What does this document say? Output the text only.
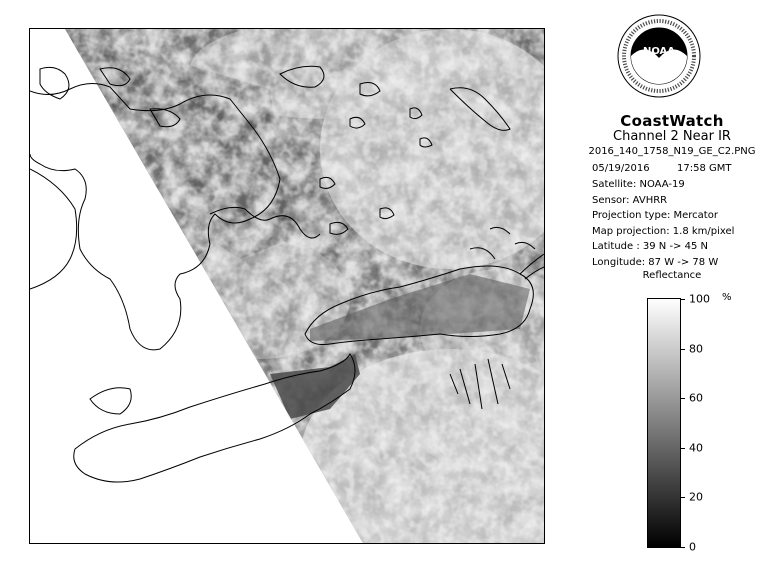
NOAA
CoastWatch
Channel 2 Near IR
2016_140_1758_N19_GE_C2.PNG
05/19/2016	17:58 GMT
Satellite: NOAA-19
Sensor: AVHRR
Projection type: Mercator
Map projection: 1.8 km/pixel
Latitude : 39 N -> 45 N
Longitude: 87 W -> 78 W
Reflectance
%
100
80
60
40
20
0
